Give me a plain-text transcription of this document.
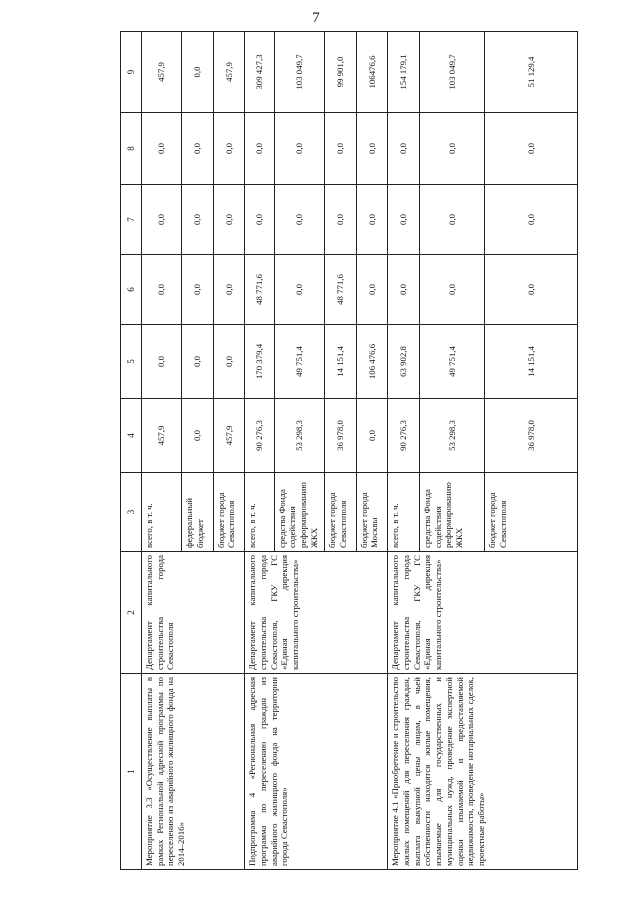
7
1	2	3	4	5	6	7	8	9
Мероприятие 3.3 «Осуществление выплаты в рамках Региональной адресной программы по переселению из аварийного жилищного фонда на 2014–2016»	Департамент капитального строительства города Севастополя	всего, в т. ч.	457,9	0,0	0,0	0,0	0,0	457,9
		федеральный бюджет	0,0	0,0	0,0	0,0	0,0	0,0
		бюджет города Севастополя	457,9	0,0	0,0	0,0	0,0	457,9
Подпрограмма 4 «Региональная адресная программа по переселению граждан из аварийного жилищного фонда на территории города Севастополя»	Департамент капитального строительства города Севастополя, ГКУ ГС «Единая дирекция капитального строительства»	всего, в т. ч.	90 276,3	170 379,4	48 771,6	0,0	0,0	309 427,3
		средства Фонда содействия реформированию ЖКХ	53 298,3	49 751,4	0,0	0,0	0,0	103 049,7
		бюджет города Севастополя	36 978,0	14 151,4	48 771,6	0,0	0,0	99 901,0
		бюджет города Москвы	0,0	106 476,6	0,0	0,0	0,0	106476,6
Мероприятие 4.1 «Приобретение и строительство жилых помещений для переселения граждан, выплата выкупной цены лицам, в чьей собственности находятся жилые помещения, изымаемые для государственных и муниципальных нужд, проведение экспертной оценки изымаемой и предоставляемой недвижимости, проведение нотариальных сделок, проектные работы»	Департамент капитального строительства города Севастополя, ГКУ ГС «Единая дирекция капитального строительства»	всего, в т. ч.	90 276,3	63 902,8	0,0	0,0	0,0	154 179,1
		средства Фонда содействия реформированию ЖКХ	53 298,3	49 751,4	0,0	0,0	0,0	103 049,7
		бюджет города Севастополя	36 978,0	14 151,4	0,0	0,0	0,0	51 129,4
